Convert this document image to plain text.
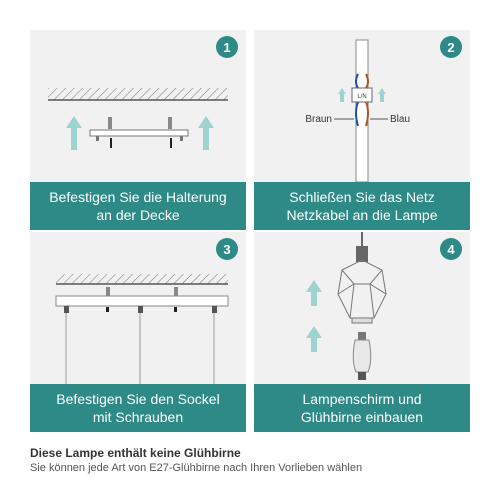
1
Befestigen Sie die Halterung
an der Decke
L/N
Braun	Blau
2
Schließen Sie das Netz
Netzkabel an die Lampe
3
Befestigen Sie den Sockel
mit Schrauben
4
Lampenschirm und
Glühbirne einbauen
Diese Lampe enthält keine Glühbirne
Sie können jede Art von E27-Glühbirne nach Ihren Vorlieben wählen
